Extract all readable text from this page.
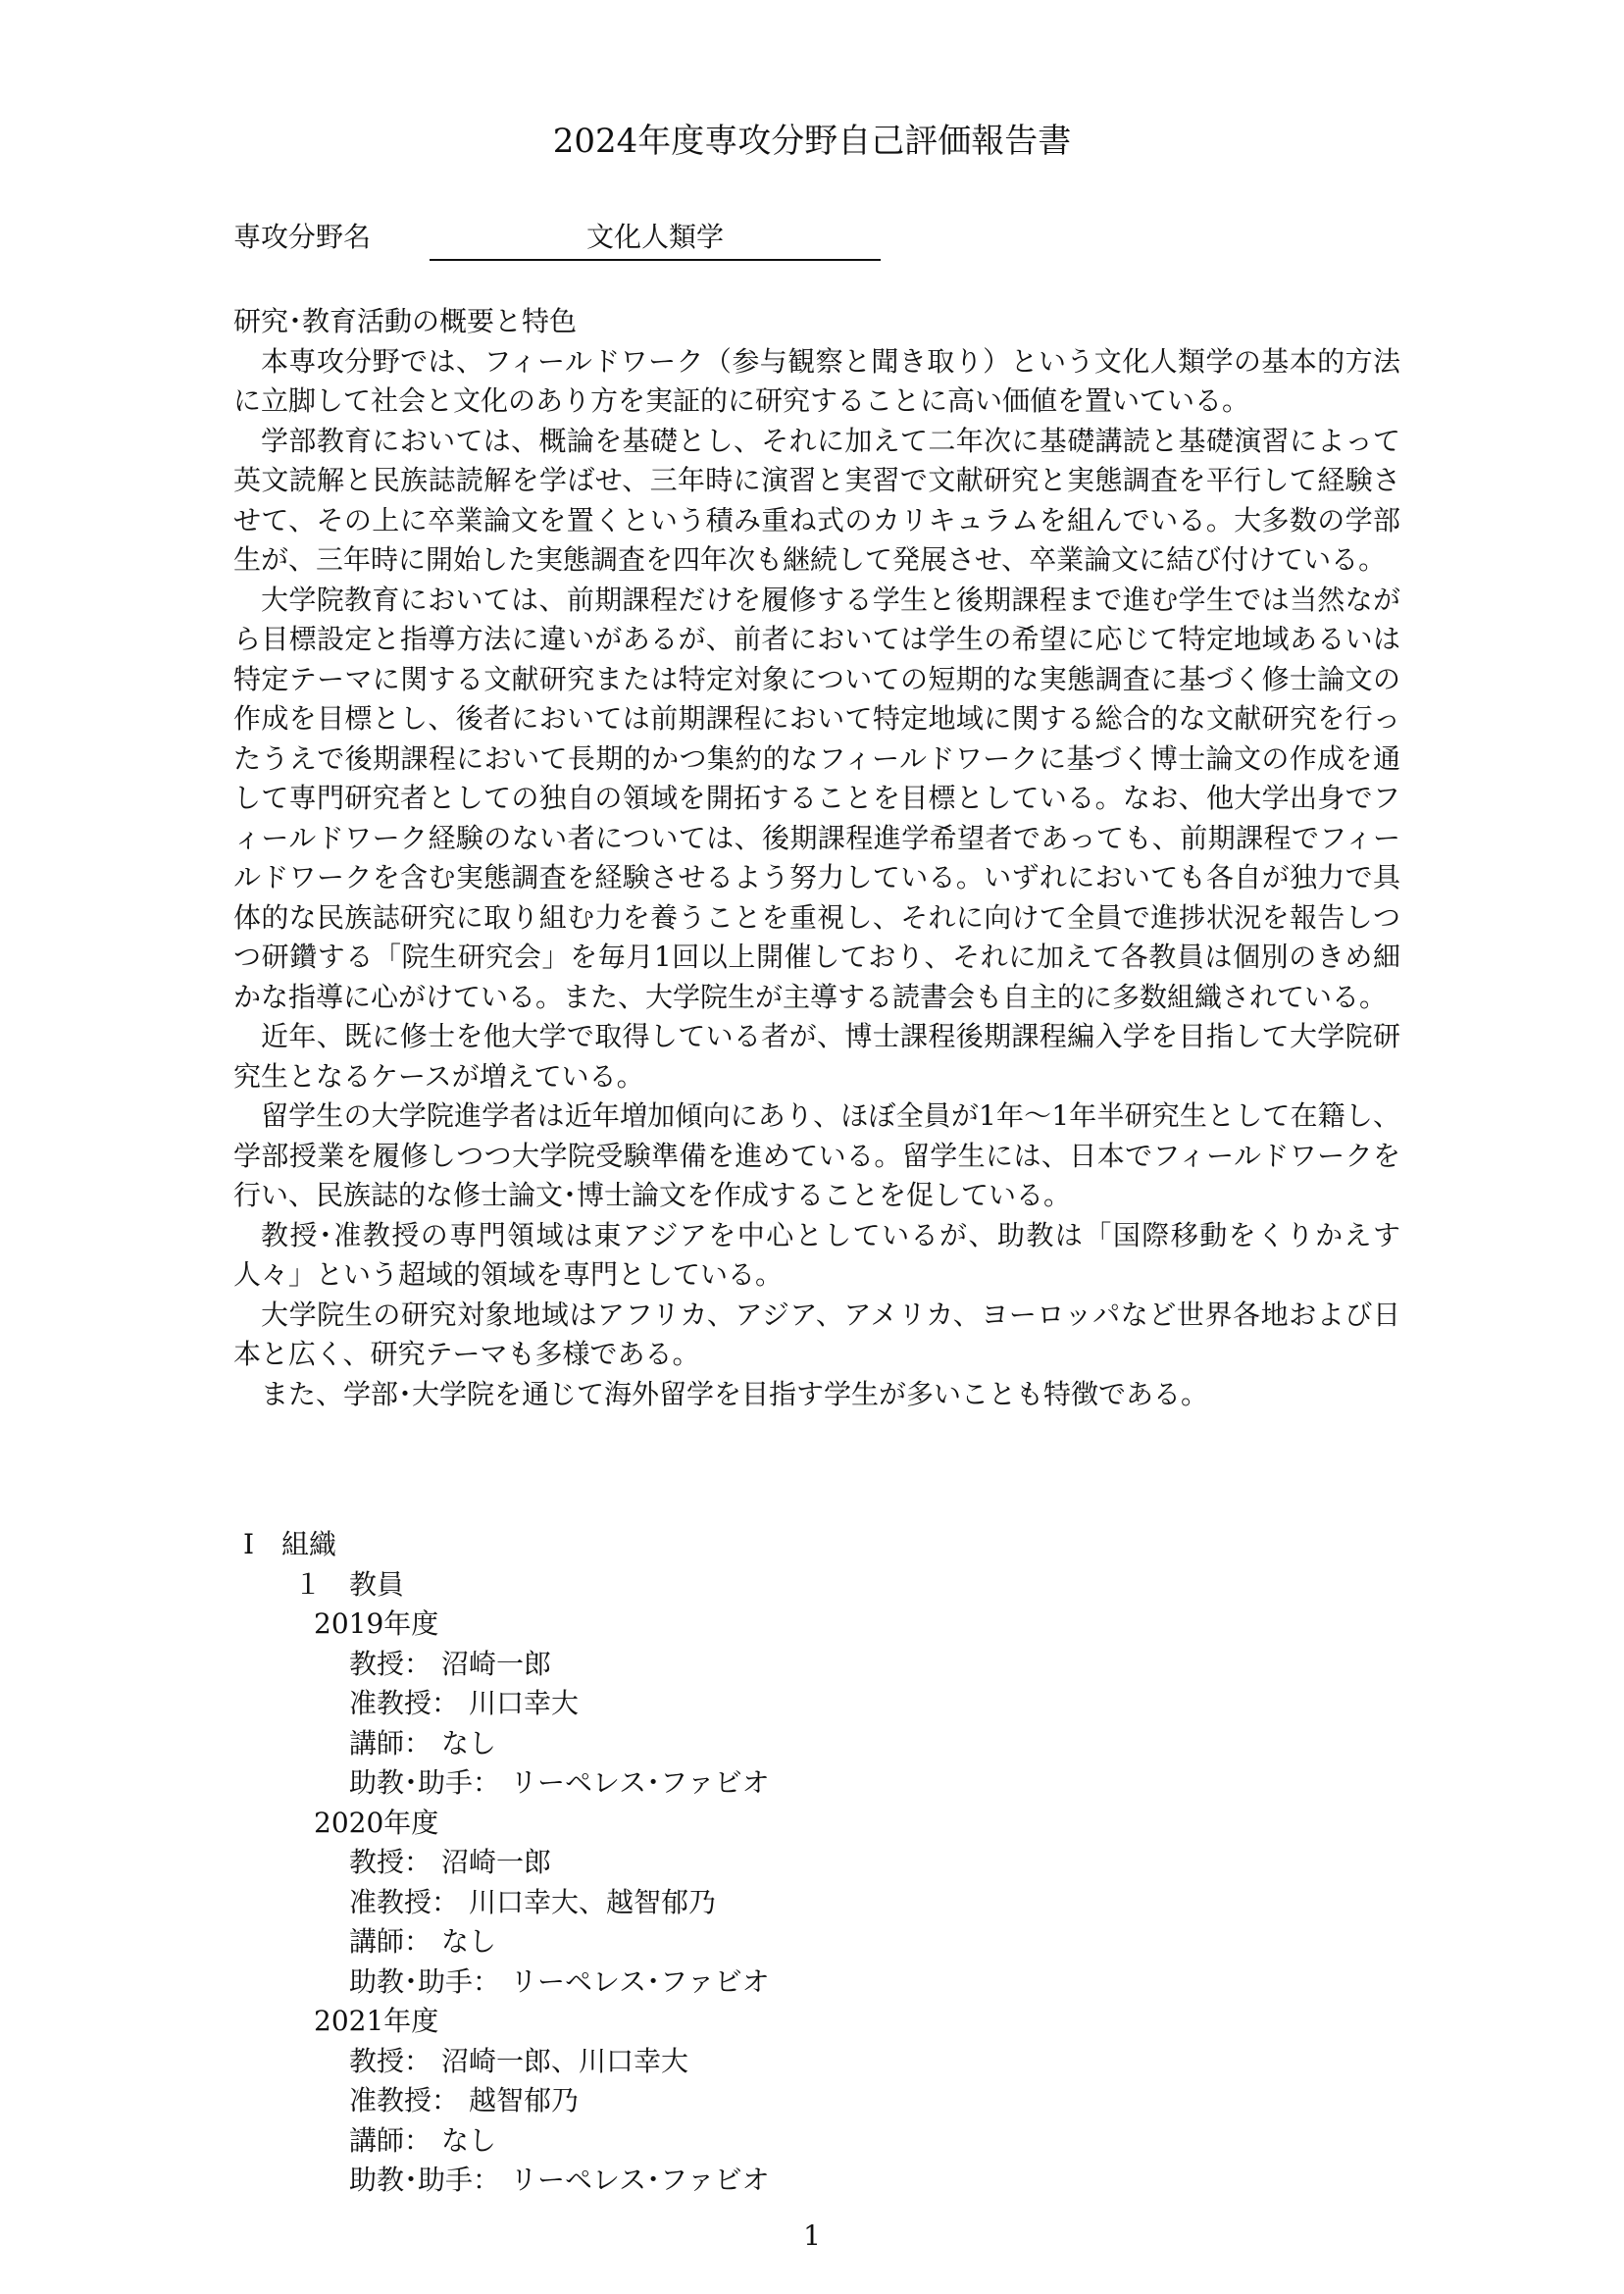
2024年度専攻分野自己評価報告書
専攻分野名	文化人類学
研究･教育活動の概要と特色

本専攻分野では、フィールドワーク（参与観察と聞き取り）という文化人類学の基本的方法に立脚して社会と文化のあり方を実証的に研究することに高い価値を置いている。

学部教育においては、概論を基礎とし、それに加えて二年次に基礎講読と基礎演習によって英文読解と民族誌読解を学ばせ、三年時に演習と実習で文献研究と実態調査を平行して経験させて、その上に卒業論文を置くという積み重ね式のカリキュラムを組んでいる。大多数の学部生が、三年時に開始した実態調査を四年次も継続して発展させ、卒業論文に結び付けている。

大学院教育においては、前期課程だけを履修する学生と後期課程まで進む学生では当然ながら目標設定と指導方法に違いがあるが、前者においては学生の希望に応じて特定地域あるいは特定テーマに関する文献研究または特定対象についての短期的な実態調査に基づく修士論文の作成を目標とし、後者においては前期課程において特定地域に関する総合的な文献研究を行ったうえで後期課程において長期的かつ集約的なフィールドワークに基づく博士論文の作成を通して専門研究者としての独自の領域を開拓することを目標としている。なお、他大学出身でフィールドワーク経験のない者については、後期課程進学希望者であっても、前期課程でフィールドワークを含む実態調査を経験させるよう努力している。いずれにおいても各自が独力で具体的な民族誌研究に取り組む力を養うことを重視し、それに向けて全員で進捗状況を報告しつつ研鑽する「院生研究会」を毎月1回以上開催しており、それに加えて各教員は個別のきめ細かな指導に心がけている。また、大学院生が主導する読書会も自主的に多数組織されている。

近年、既に修士を他大学で取得している者が、博士課程後期課程編入学を目指して大学院研究生となるケースが増えている。

留学生の大学院進学者は近年増加傾向にあり、ほぼ全員が1年～1年半研究生として在籍し、学部授業を履修しつつ大学院受験準備を進めている。留学生には、日本でフィールドワークを行い、民族誌的な修士論文･博士論文を作成することを促している。

教授･准教授の専門領域は東アジアを中心としているが、助教は「国際移動をくりかえす人々」という超域的領域を専門としている。

大学院生の研究対象地域はアフリカ、アジア、アメリカ、ヨーロッパなど世界各地および日本と広く、研究テーマも多様である。

また、学部･大学院を通じて海外留学を目指す学生が多いことも特徴である。

Ⅰ　組織
１　教員
2019年度
教授： 沼崎一郎
准教授： 川口幸大
講師： なし
助教･助手： リーペレス･ファビオ
2020年度
教授： 沼崎一郎
准教授： 川口幸大、越智郁乃
講師： なし
助教･助手： リーペレス･ファビオ
2021年度
教授： 沼崎一郎、川口幸大
准教授： 越智郁乃
講師： なし
助教･助手： リーペレス･ファビオ
1
